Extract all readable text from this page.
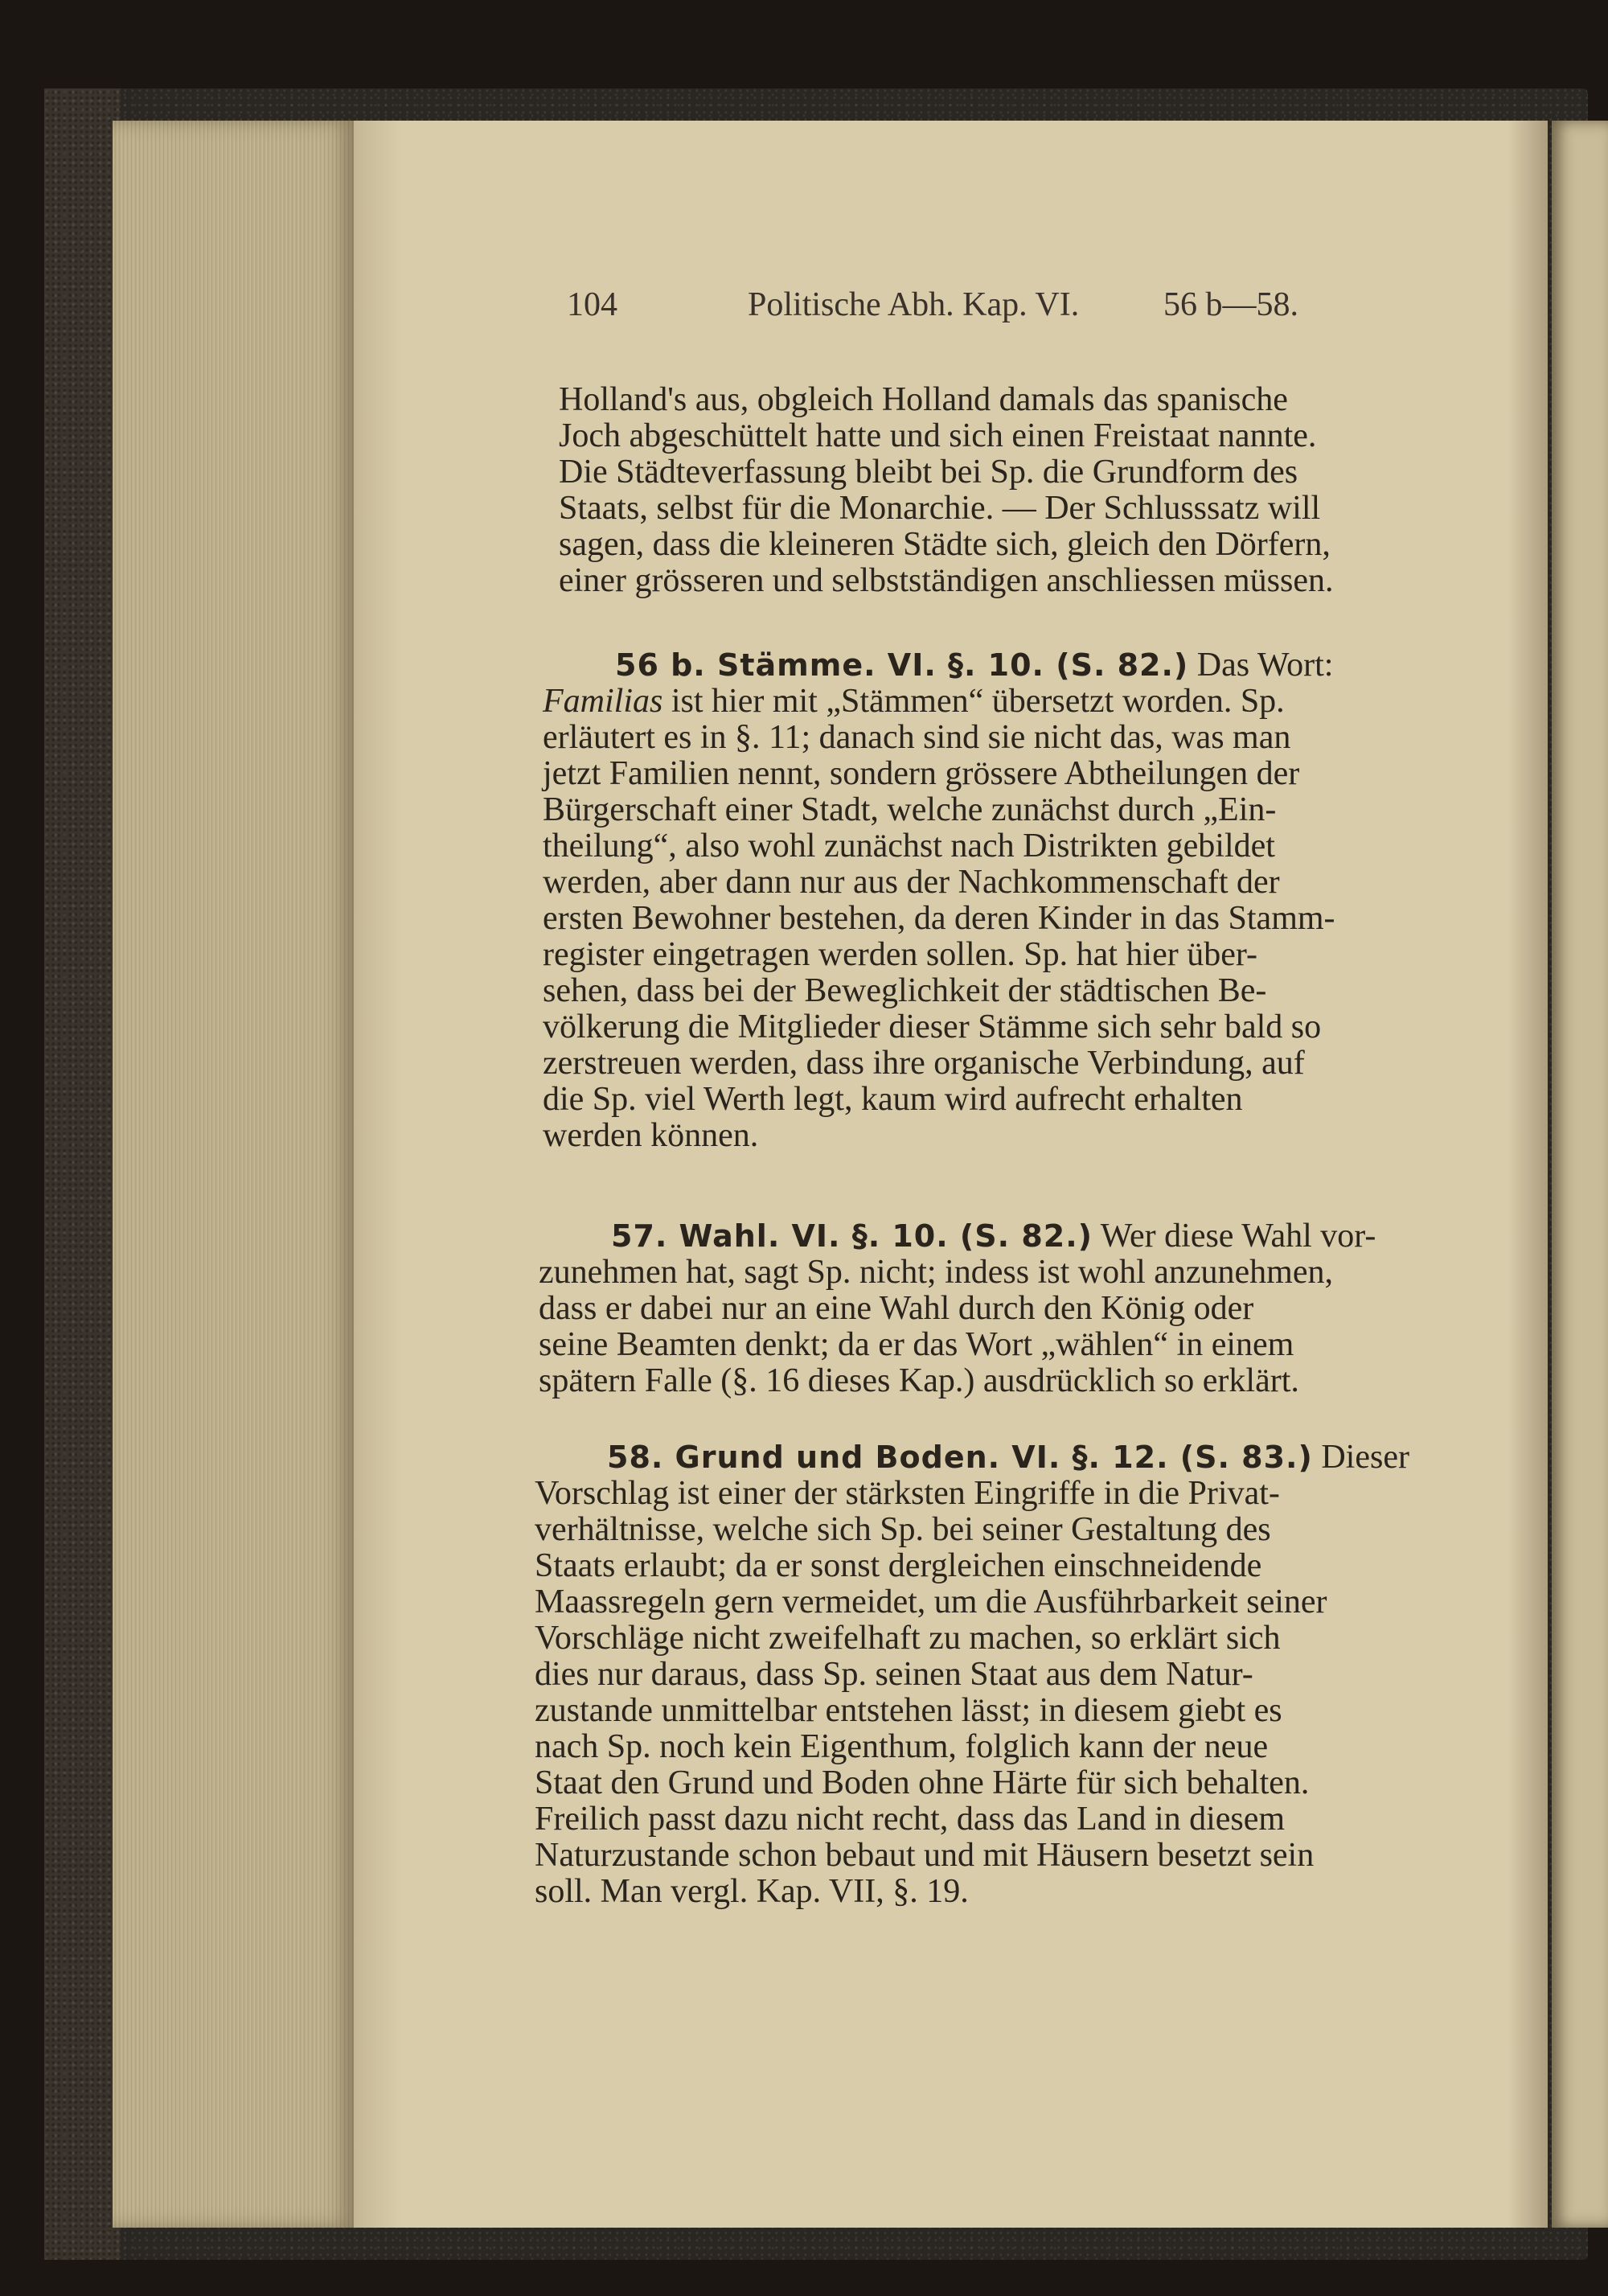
104	Politische Abh. Kap. VI. 56 b—58.
Holland's aus, obgleich Holland damals das spanische
Joch abgeschüttelt hatte und sich einen Freistaat nannte.
Die Städteverfassung bleibt bei Sp. die Grundform des
Staats, selbst für die Monarchie. — Der Schlusssatz will
sagen, dass die kleineren Städte sich, gleich den Dörfern,
einer grösseren und selbstständigen anschliessen müssen.
56 b. Stämme. VI. §. 10. (S. 82.) Das Wort:
Familias ist hier mit „Stämmen“ übersetzt worden. Sp.
erläutert es in §. 11; danach sind sie nicht das, was man
jetzt Familien nennt, sondern grössere Abtheilungen der
Bürgerschaft einer Stadt, welche zunächst durch „Ein-
theilung“, also wohl zunächst nach Distrikten gebildet
werden, aber dann nur aus der Nachkommenschaft der
ersten Bewohner bestehen, da deren Kinder in das Stamm-
register eingetragen werden sollen. Sp. hat hier über-
sehen, dass bei der Beweglichkeit der städtischen Be-
völkerung die Mitglieder dieser Stämme sich sehr bald so
zerstreuen werden, dass ihre organische Verbindung, auf
die Sp. viel Werth legt, kaum wird aufrecht erhalten
werden können.
57. Wahl. VI. §. 10. (S. 82.) Wer diese Wahl vor-
zunehmen hat, sagt Sp. nicht; indess ist wohl anzunehmen,
dass er dabei nur an eine Wahl durch den König oder
seine Beamten denkt; da er das Wort „wählen“ in einem
spätern Falle (§. 16 dieses Kap.) ausdrücklich so erklärt.
58. Grund und Boden. VI. §. 12. (S. 83.) Dieser
Vorschlag ist einer der stärksten Eingriffe in die Privat-
verhältnisse, welche sich Sp. bei seiner Gestaltung des
Staats erlaubt; da er sonst dergleichen einschneidende
Maassregeln gern vermeidet, um die Ausführbarkeit seiner
Vorschläge nicht zweifelhaft zu machen, so erklärt sich
dies nur daraus, dass Sp. seinen Staat aus dem Natur-
zustande unmittelbar entstehen lässt; in diesem giebt es
nach Sp. noch kein Eigenthum, folglich kann der neue
Staat den Grund und Boden ohne Härte für sich behalten.
Freilich passt dazu nicht recht, dass das Land in diesem
Naturzustande schon bebaut und mit Häusern besetzt sein
soll. Man vergl. Kap. VII, §. 19.
